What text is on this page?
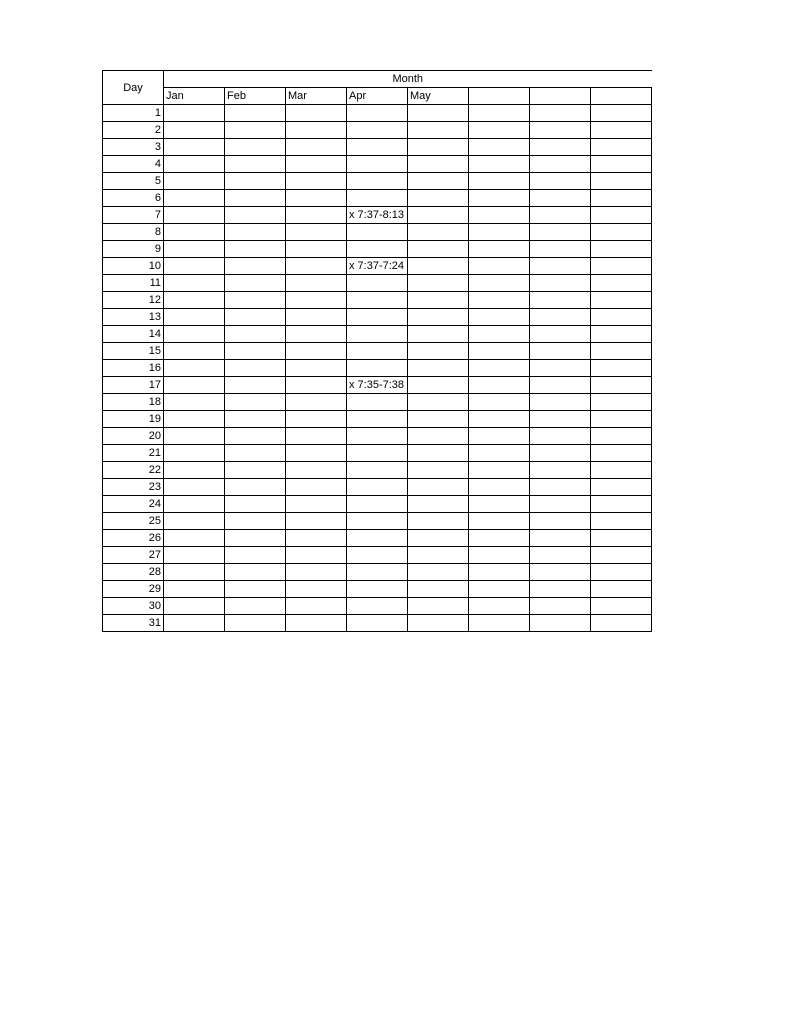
Day	Month							
	Jan	Feb	Mar	Apr	May			
1								
2								
3								
4								
5								
6								
7				x 7:37-8:13				
8								
9								
10				x 7:37-7:24				
11								
12								
13								
14								
15								
16								
17				x 7:35-7:38				
18								
19								
20								
21								
22								
23								
24								
25								
26								
27								
28								
29								
30								
31								
